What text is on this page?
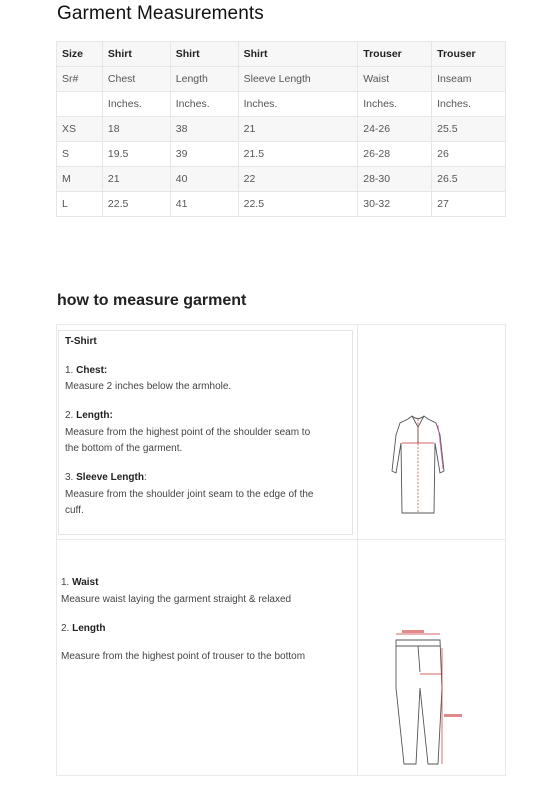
Garment Measurements
Size	Shirt	Shirt	Shirt	Trouser	Trouser
Sr#	Chest	Length	Sleeve Length	Waist	Inseam
	Inches.	Inches.	Inches.	Inches.	Inches.
XS	18	38	21	24-26	25.5
S	19.5	39	21.5	26-28	26
M	21	40	22	28-30	26.5
L	22.5	41	22.5	30-32	27
how to measure garment
T-Shirt
1. Chest:
Measure 2 inches below the armhole.
2. Length:
Measure from the highest point of the shoulder seam to
the bottom of the garment.
3. Sleeve Length:
Measure from the shoulder joint seam to the edge of the
cuff.
1. Waist
Measure waist laying the garment straight & relaxed
2. Length
Measure from the highest point of trouser to the bottom
